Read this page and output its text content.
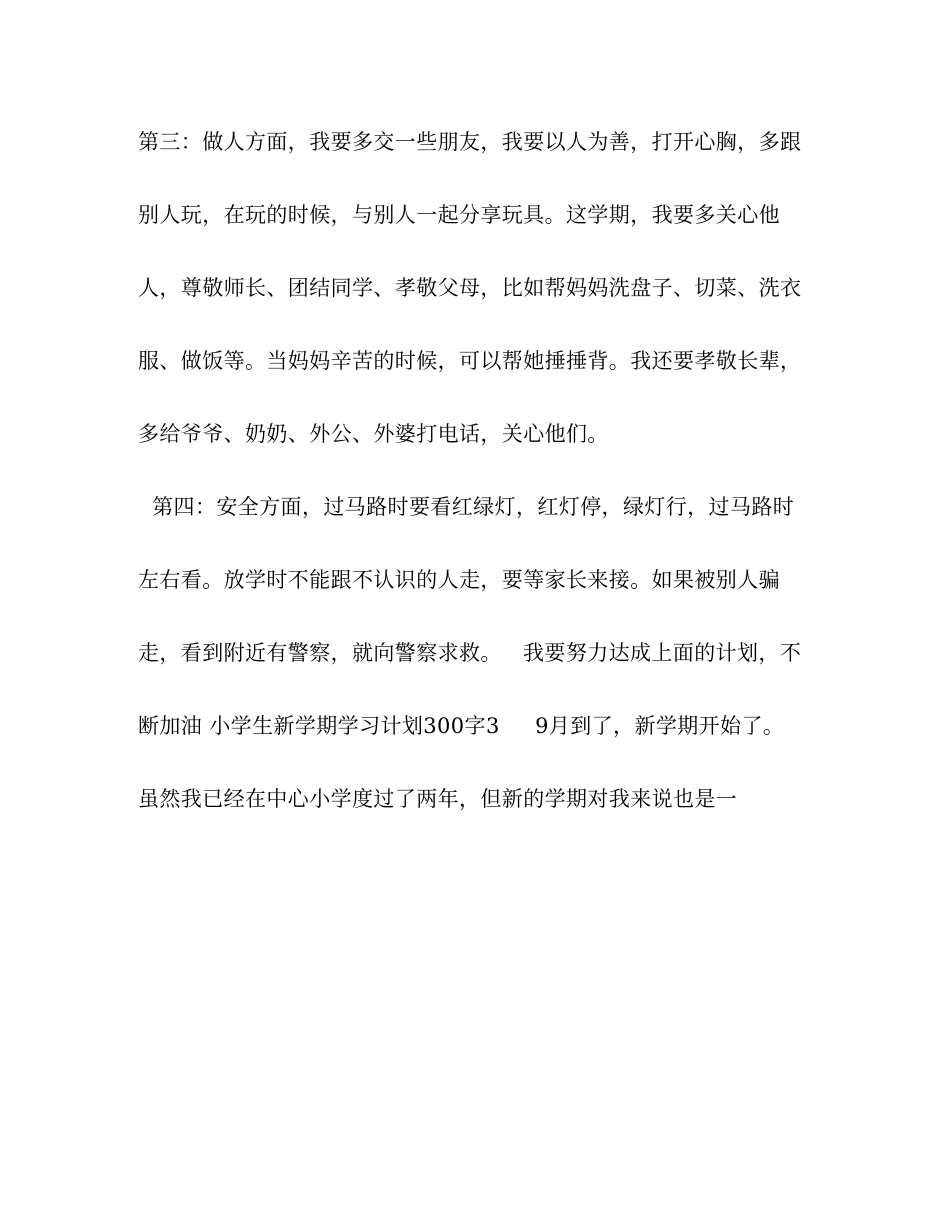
第三：做人方面，我要多交一些朋友，我要以人为善，打开心胸，多跟
别人玩，在玩的时候，与别人一起分享玩具。这学期，我要多关心他
人，尊敬师长、团结同学、孝敬父母，比如帮妈妈洗盘子、切菜、洗衣
服、做饭等。当妈妈辛苦的时候，可以帮她捶捶背。我还要孝敬长辈，
多给爷爷、奶奶、外公、外婆打电话，关心他们。
第四：安全方面，过马路时要看红绿灯，红灯停，绿灯行，过马路时
左右看。放学时不能跟不认识的人走，要等家长来接。如果被别人骗
走，看到附近有警察，就向警察求救。   我要努力达成上面的计划，不
断加油 小学生新学期学习计划300字3     9月到了，新学期开始了。
虽然我已经在中心小学度过了两年，但新的学期对我来说也是一
